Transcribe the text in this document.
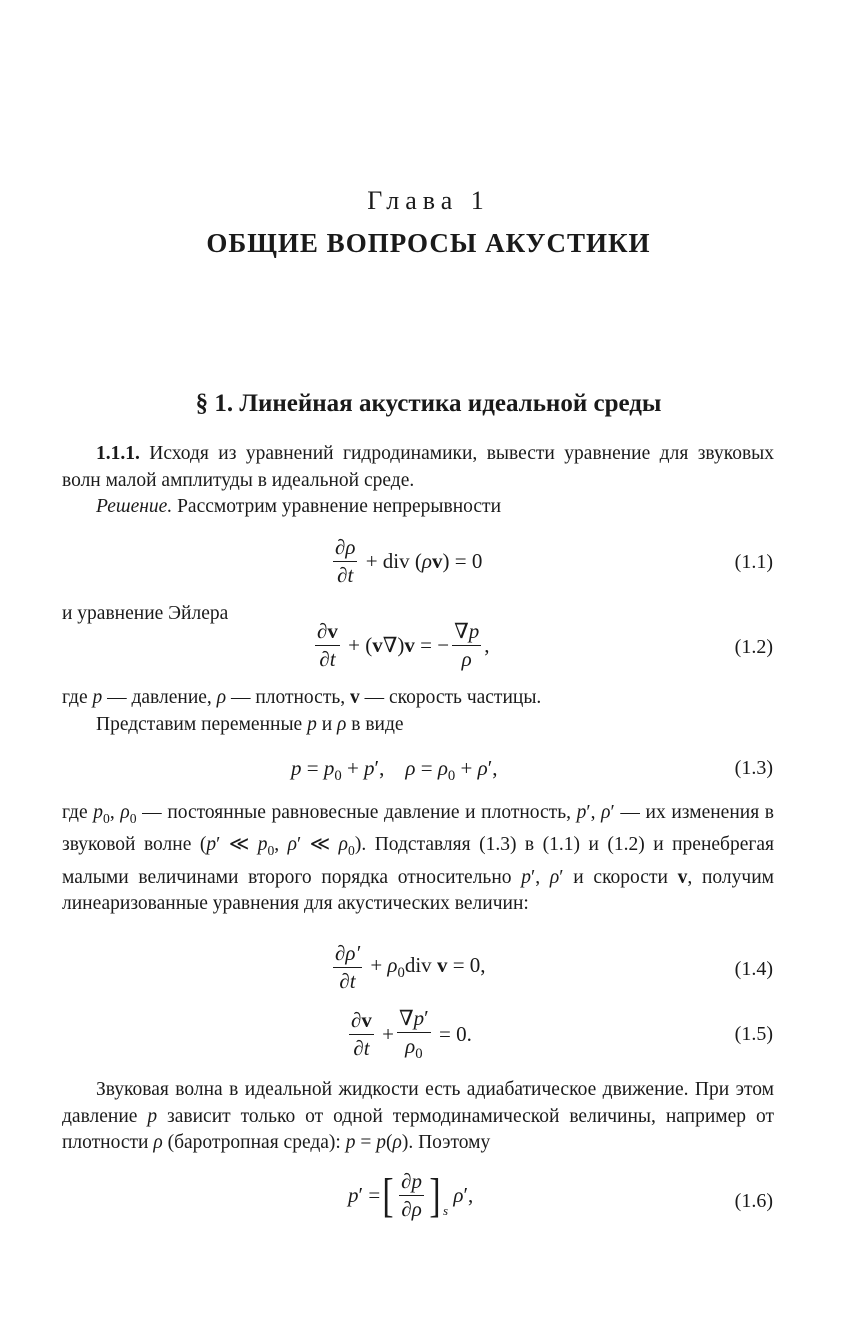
Глава 1
ОБЩИЕ ВОПРОСЫ АКУСТИКИ
§ 1. Линейная акустика идеальной среды

1.1.1. Исходя из уравнений гидродинамики, вывести уравнение для звуковых волн малой амплитуды в идеальной среде.

Решение. Рассмотрим уравнение непрерывности

$\frac{\partial\rho}{\partial t}$ + div (ρv) = 0	(1.1)
и уравнение Эйлера
$\frac{\partial v}{\partial t} + (v\nabla)v$ = − $\frac{\nabla p}{\rho}$ ,	(1.2)

где p — давление, ρ — плотность, v — скорость частицы.

Представим переменные p и ρ в виде

$p = p_0 + p'$,    $\rho = \rho_0 + \rho'$,	(1.3)

где $p_0$, $\rho_0$ — постоянные равновесные давление и плотность, p′, ρ′ — их изменения в звуковой волне (p′ ≪ $p_0$, ρ′ ≪ $\rho_0$). Подставляя (1.3) в (1.1) и (1.2) и пренебрегая малыми величинами второго порядка относительно p′, ρ′ и скорости v, получим линеаризованные уравнения для акустических величин:

$\frac{\partial\rho'}{\partial t} + \rho_0div$ v = 0,	(1.4)
$\frac{\partial v}{\partial t} + \frac{\nabla p'}{\rho_0} = 0$.	(1.5)

Звуковая волна в идеальной жидкости есть адиабатическое движение. При этом давление p зависит только от одной термодинамической величины, например от плотности ρ (баротропная среда): p = p(ρ). Поэтому

p′ = [ $\frac{\partial p}{\partial\rho}$ ] s
ρ′,	(1.6)
